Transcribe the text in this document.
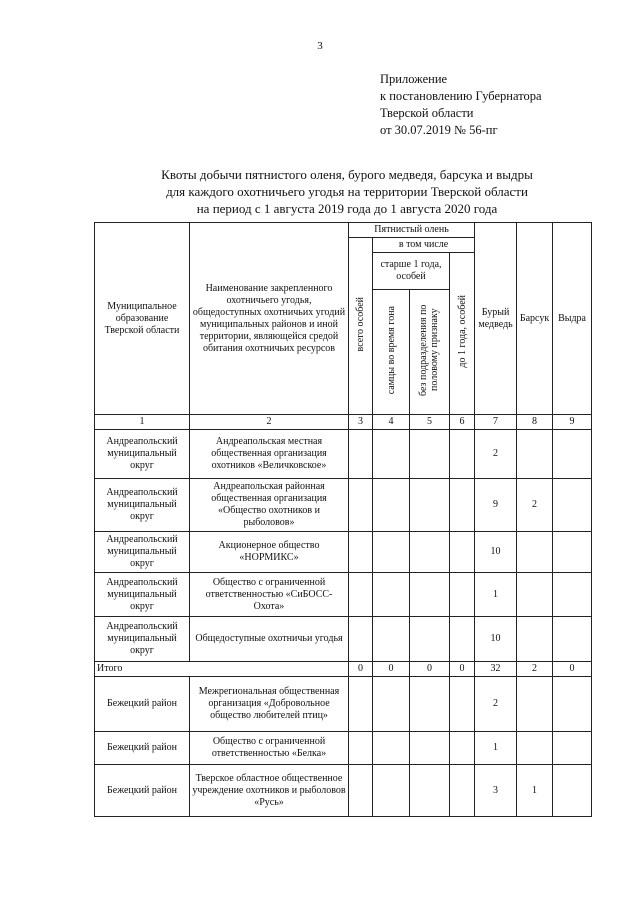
3
Приложение
к постановлению Губернатора
Тверской области
от 30.07.2019 № 56-пг
Квоты добычи пятнистого оленя, бурого медведя, барсука и выдры
для каждого охотничьего угодья на территории Тверской области
на период с 1 августа 2019 года до 1 августа 2020 года
Муниципальное образование Тверской области	Наименование закрепленного охотничьего угодья, общедоступных охотничьих угодий муниципальных районов и иной территории, являющейся средой обитания охотничьих ресурсов	Пятнистый олень				Бурый медведь	Барсук	Выдра
		всего особей	в том числе					
			старше 1 года, особей		до 1 года, особей			
			самцы во время гона	без подразделения по половому признаку				
1	2	3	4	5	6	7	8	9
Андреапольский муниципальный округ	Андреапольская местная общественная организация охотников «Величковское»					2		
Андреапольский муниципальный округ	Андреапольская районная общественная организация «Общество охотников и рыболовов»					9	2	
Андреапольский муниципальный округ	Акционерное общество «НОРМИКС»					10		
Андреапольский муниципальный округ	Общество с ограниченной ответственностью «СиБОСС-Охота»					1		
Андреапольский муниципальный округ	Общедоступные охотничьи угодья					10		
Итого		0	0	0	0	32	2	0
Бежецкий район	Межрегиональная общественная организация «Добровольное общество любителей птиц»					2		
Бежецкий район	Общество с ограниченной ответственностью «Белка»					1		
Бежецкий район	Тверское областное общественное учреждение охотников и рыболовов «Русь»					3	1	
